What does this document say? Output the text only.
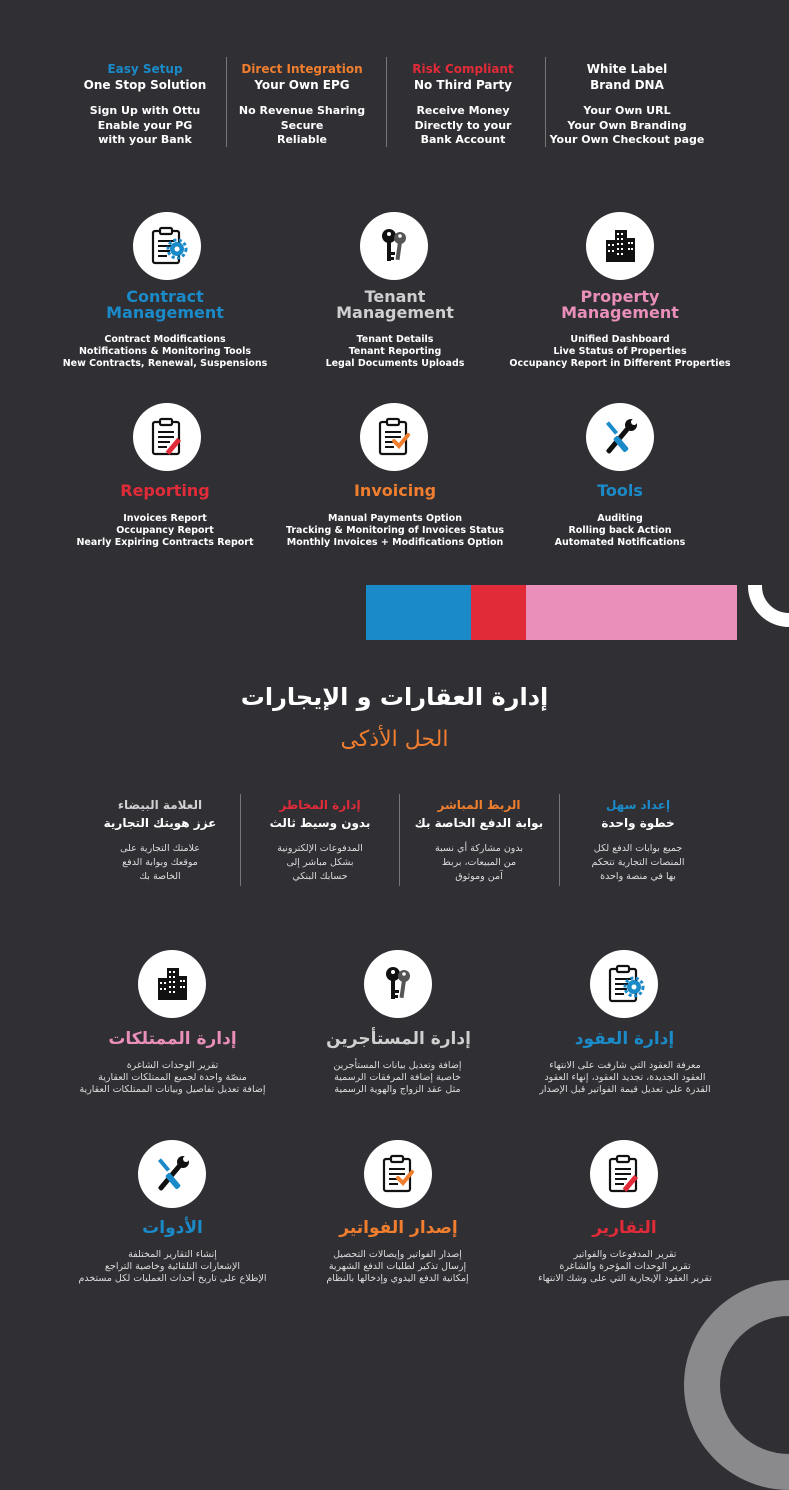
Easy Setup
One Stop Solution
Sign Up with Ottu
Enable your PG
with your Bank
Direct Integration
Your Own EPG
No Revenue Sharing
Secure
Reliable
Risk Compliant
No Third Party
Receive Money
Directly to your
Bank Account
White Label
Brand DNA
Your Own URL
Your Own Branding
Your Own Checkout page
Contract
Management
Contract Modifications
Notifications & Monitoring Tools
New Contracts, Renewal, Suspensions
Tenant
Management
Tenant Details
Tenant Reporting
Legal Documents Uploads
Property
Management
Unified Dashboard
Live Status of Properties
Occupancy Report in Different Properties
Reporting
Invoices Report
Occupancy Report
Nearly Expiring Contracts Report
Invoicing
Manual Payments Option
Tracking & Monitoring of Invoices Status
Monthly Invoices + Modifications Option
Tools
Auditing
Rolling back Action
Automated Notifications
إدارة العقارات و الإيجارات
الحل الأذكى
العلامة البيضاء
عزز هويتك التجارية
علامتك التجارية على
موقعك وبوابة الدفع
الخاصة بك
إدارة المخاطر
بدون وسيط ثالث
المدفوعات الإلكترونية
بشكل مباشر إلى
حسابك البنكي
الربط المباشر
بوابة الدفع الخاصة بك
بدون مشاركة أي نسبة
من المبيعات، بربط
آمن وموثوق
إعداد سهل
خطوة واحدة
جميع بوابات الدفع لكل
المنصات التجارية تتحكم
بها في منصة واحدة
إدارة الممتلكات
تقرير الوحدات الشاغرة
منصّة واحدة لجميع الممتلكات العقارية
إضافة تعديل تفاصيل وبيانات الممتلكات العقارية
إدارة المستأجرين
إضافة وتعديل بيانات المستأجرين
خاصية إضافة المرفقات الرسمية
مثل عقد الزواج والهوية الرسمية
إدارة العقود
معرفة العقود التي شارفت على الانتهاء
العقود الجديدة، تجديد العقود، إنهاء العقود
القدرة على تعديل قيمة الفواتير قبل الإصدار
الأدوات
إنشاء التقارير المختلفة
الإشعارات التلقائية وخاصية التراجع
الإطلاع على تاريخ أحداث العمليات لكل مستخدم
إصدار الفواتير
إصدار الفواتير وإيصالات التحصيل
إرسال تذكير لطلبات الدفع الشهرية
إمكانية الدفع اليدوي وإدخالها بالنظام
التقارير
تقرير المدفوعات والفواتير
تقرير الوحدات المؤجرة والشاغرة
تقرير العقود الإيجارية التي على وشك الانتهاء
